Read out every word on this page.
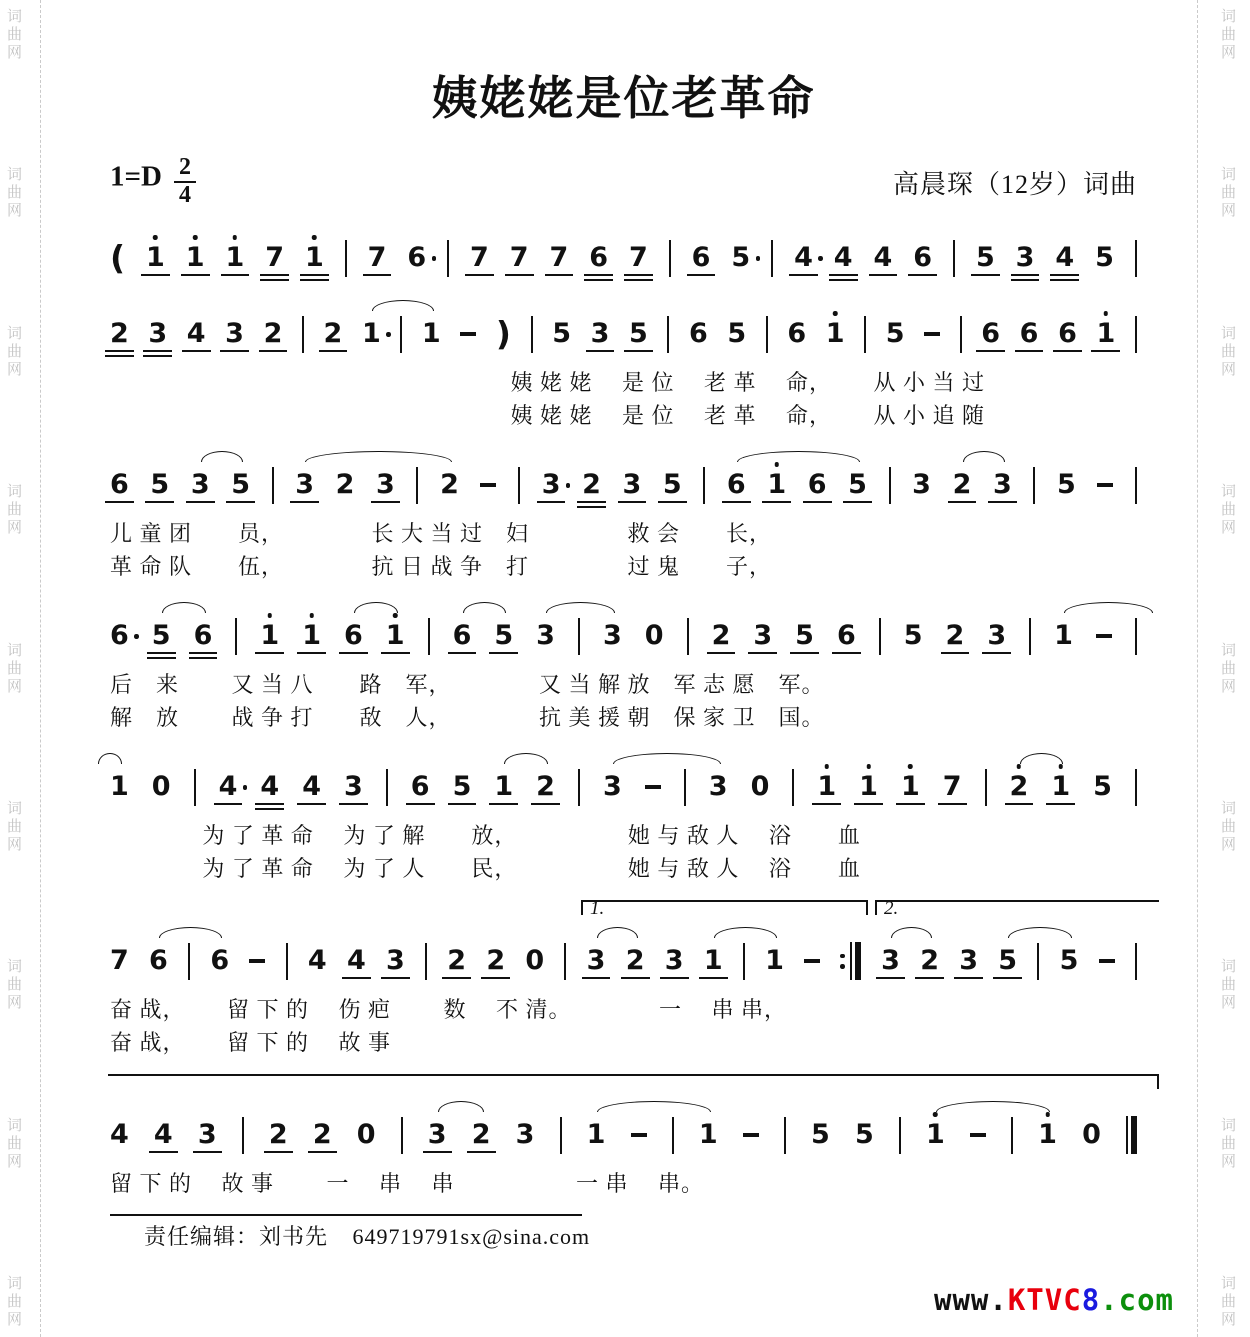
词曲网
词曲网
词曲网
词曲网
词曲网
词曲网
词曲网
词曲网
词曲网
词曲网
词曲网
词曲网
词曲网
词曲网
词曲网
词曲网
词曲网
词曲网
姨姥姥是位老革命
$1=D \frac{2}{4}$	高晨琛（12岁）词曲
( 1 1 1 7 1 7 6 7 7 7 6 7 6 5 4 4 4 6 5 3 4 5
2 3 4 3 2 2 1 1 ) 5 3 5 6 5 6 1 5	6 6 6 1
姨 姥 姥　 是 位　 老 革　 命，　　 从 小 当 过
姨 姥 姥　 是 位　 老 革　 命，　　 从 小 追 随
6 5 3 5 3 2 3 2	3 2 3 5 6 1 6 5 3 2 3 5
儿 童 团　　员，　　　　 长 大 当 过　妇　　　　 救 会　　长，
革 命 队　　伍，　　　　 抗 日 战 争　打　　　　 过 鬼　　子，
6 5 6 1 1 6 1 6 5 3 3 0 2 3 5 6 5 2 3 1
后　来　　 又 当 八　　路　军，　　　　 又 当 解 放　军 志 愿　军。
解　放　　 战 争 打　　敌　人，　　　　 抗 美 援 朝　保 家 卫　国。
1 0 4 4 4 3 6 5 1 2 3	3 0 1 1 1 7 2 1 5
为 了 革 命　 为 了 解　　放，　　　　　 她 与 敌 人　 浴　　血
为 了 革 命　 为 了 人　　民，　　　　　 她 与 敌 人　 浴　　血
7 6 6	4 4 3 2 2 0 3 2 3 1 1	3 2 3 5 5
奋 战，　　 留 下 的　 伤 疤　　 数　 不 清。　　　　 一　 串 串，
奋 战，　　 留 下 的　 故 事
1.	2.
4 4 3 2 2 0 3 2 3 1	1	5 5 1	1 0
留 下 的　 故 事　　 一　 串　 串　　　　　 一 串　 串。
责任编辑：刘书先 649719791sx@sina.com
www.KTVC8.com
